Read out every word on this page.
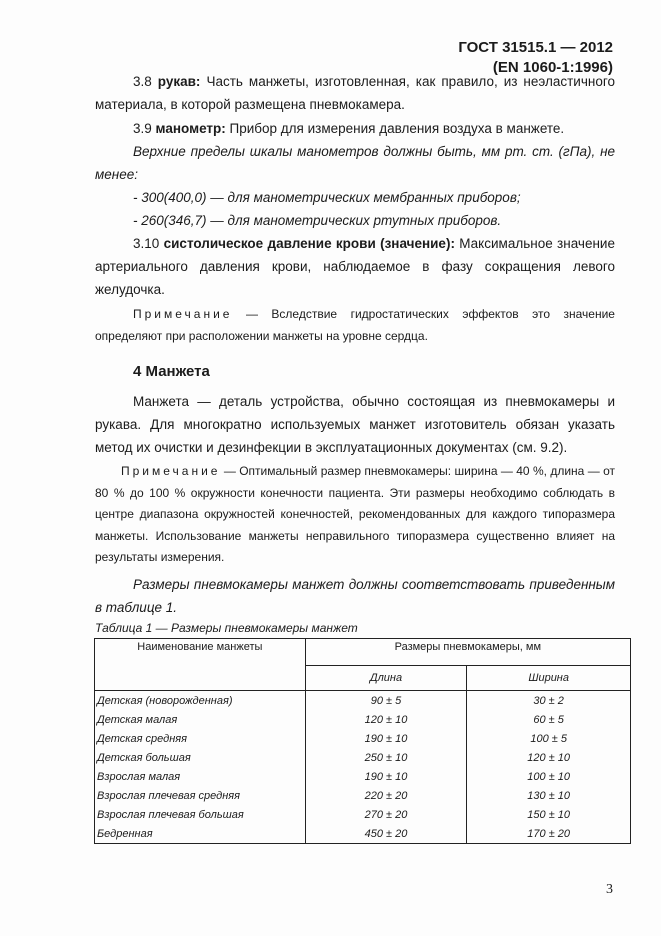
ГОСТ 31515.1 — 2012
(EN 1060-1:1996)
3.8 рукав: Часть манжеты, изготовленная, как правило, из неэластичного материала, в которой размещена пневмокамера.
3.9 манометр: Прибор для измерения давления воздуха в манжете.
Верхние пределы шкалы манометров должны быть, мм рт. ст. (гПа), не менее:
- 300(400,0) — для манометрических мембранных приборов;
- 260(346,7) — для манометрических ртутных приборов.
3.10 систолическое давление крови (значение): Максимальное значение артериального давления крови, наблюдаемое в фазу сокращения левого желудочка.
Примечание — Вследствие гидростатических эффектов это значение определяют при расположении манжеты на уровне сердца.
4 Манжета
Манжета — деталь устройства, обычно состоящая из пневмокамеры и рукава. Для многократно используемых манжет изготовитель обязан указать метод их очистки и дезинфекции в эксплуатационных документах (см. 9.2).
Примечание — Оптимальный размер пневмокамеры: ширина — 40 %, длина — от 80 % до 100 % окружности конечности пациента. Эти размеры необходимо соблюдать в центре диапазона окружностей конечностей, рекомендованных для каждого типоразмера манжеты. Использование манжеты неправильного типоразмера существенно влияет на результаты измерения.
Размеры пневмокамеры манжет должны соответствовать приведенным в таблице 1.
Таблица 1 — Размеры пневмокамеры манжет
Наименование манжеты	Размеры пневмокамеры, мм	
	Длина	Ширина
Детская (новорожденная)	90 ± 5	30 ± 2
Детская малая	120 ± 10	60 ± 5
Детская средняя	190 ± 10	100 ± 5
Детская большая	250 ± 10	120 ± 10
Взрослая малая	190 ± 10	100 ± 10
Взрослая плечевая средняя	220 ± 20	130 ± 10
Взрослая плечевая большая	270 ± 20	150 ± 10
Бедренная	450 ± 20	170 ± 20
3
